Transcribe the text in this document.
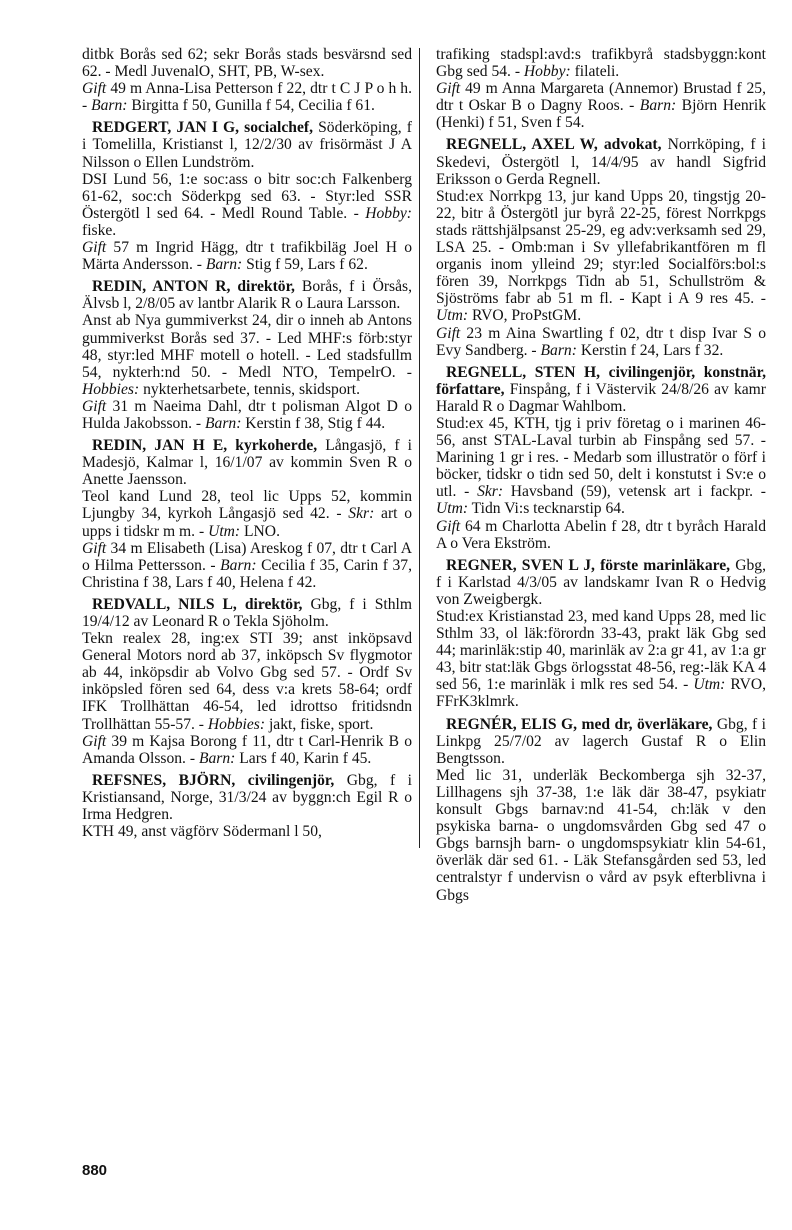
ditbk Borås sed 62; sekr Borås stads besvärsnd sed 62. - Medl JuvenalO, SHT, PB, W-sex.

Gift 49 m Anna-Lisa Petterson f 22, dtr t C J P o h h. - Barn: Birgitta f 50, Gunilla f 54, Cecilia f 61.

REDGERT, JAN I G, socialchef, Söderköping, f i Tomelilla, Kristianst l, 12/2/30 av frisörmäst J A Nilsson o Ellen Lundström.

DSI Lund 56, 1:e soc:ass o bitr soc:ch Falkenberg 61-62, soc:ch Söderkpg sed 63. - Styr:led SSR Östergötl l sed 64. - Medl Round Table. - Hobby: fiske.

Gift 57 m Ingrid Hägg, dtr t trafikbiläg Joel H o Märta Andersson. - Barn: Stig f 59, Lars f 62.

REDIN, ANTON R, direktör, Borås, f i Örsås, Älvsb l, 2/8/05 av lantbr Alarik R o Laura Larsson.

Anst ab Nya gummiverkst 24, dir o inneh ab Antons gummiverkst Borås sed 37. - Led MHF:s förb:styr 48, styr:led MHF motell o hotell. - Led stadsfullm 54, nykterh:nd 50. - Medl NTO, TempelrO. - Hobbies: nykterhetsarbete, tennis, skidsport.

Gift 31 m Naeima Dahl, dtr t polisman Algot D o Hulda Jakobsson. - Barn: Kerstin f 38, Stig f 44.

REDIN, JAN H E, kyrkoherde, Långasjö, f i Madesjö, Kalmar l, 16/1/07 av kommin Sven R o Anette Jaensson.

Teol kand Lund 28, teol lic Upps 52, kommin Ljungby 34, kyrkoh Långasjö sed 42. - Skr: art o upps i tidskr m m. - Utm: LNO.

Gift 34 m Elisabeth (Lisa) Areskog f 07, dtr t Carl A o Hilma Pettersson. - Barn: Cecilia f 35, Carin f 37, Christina f 38, Lars f 40, Helena f 42.

REDVALL, NILS L, direktör, Gbg, f i Sthlm 19/4/12 av Leonard R o Tekla Sjöholm.

Tekn realex 28, ing:ex STI 39; anst inköpsavd General Motors nord ab 37, inköpsch Sv flygmotor ab 44, inköpsdir ab Volvo Gbg sed 57. - Ordf Sv inköpsled fören sed 64, dess v:a krets 58-64; ordf IFK Trollhättan 46-54, led idrottso fritidsndn Trollhättan 55-57. - Hobbies: jakt, fiske, sport.

Gift 39 m Kajsa Borong f 11, dtr t Carl-Henrik B o Amanda Olsson. - Barn: Lars f 40, Karin f 45.

REFSNES, BJÖRN, civilingenjör, Gbg, f i Kristiansand, Norge, 31/3/24 av byggn:ch Egil R o Irma Hedgren.

KTH 49, anst vägförv Södermanl l 50,

trafiking stadspl:avd:s trafikbyrå stadsbyggn:kont Gbg sed 54. - Hobby: filateli.

Gift 49 m Anna Margareta (Annemor) Brustad f 25, dtr t Oskar B o Dagny Roos. - Barn: Björn Henrik (Henki) f 51, Sven f 54.

REGNELL, AXEL W, advokat, Norrköping, f i Skedevi, Östergötl l, 14/4/95 av handl Sigfrid Eriksson o Gerda Regnell.

Stud:ex Norrkpg 13, jur kand Upps 20, tingstjg 20-22, bitr å Östergötl jur byrå 22-25, förest Norrkpgs stads rättshjälpsanst 25-29, eg adv:verksamh sed 29, LSA 25. - Omb:man i Sv yllefabrikantfören m fl organis inom ylleind 29; styr:led Socialförs:bol:s fören 39, Norrkpgs Tidn ab 51, Schullström & Sjöströms fabr ab 51 m fl. - Kapt i A 9 res 45. - Utm: RVO, ProPstGM.

Gift 23 m Aina Swartling f 02, dtr t disp Ivar S o Evy Sandberg. - Barn: Kerstin f 24, Lars f 32.

REGNELL, STEN H, civilingenjör, konstnär, författare, Finspång, f i Västervik 24/8/26 av kamr Harald R o Dagmar Wahlbom.

Stud:ex 45, KTH, tjg i priv företag o i marinen 46-56, anst STAL-Laval turbin ab Finspång sed 57. - Marining 1 gr i res. - Medarb som illustratör o förf i böcker, tidskr o tidn sed 50, delt i konstutst i Sv:e o utl. - Skr: Havsband (59), vetensk art i fackpr. - Utm: Tidn Vi:s tecknarstip 64.

Gift 64 m Charlotta Abelin f 28, dtr t byråch Harald A o Vera Ekström.

REGNER, SVEN L J, förste marinläkare, Gbg, f i Karlstad 4/3/05 av landskamr Ivan R o Hedvig von Zweigbergk.

Stud:ex Kristianstad 23, med kand Upps 28, med lic Sthlm 33, ol läk:förordn 33-43, prakt läk Gbg sed 44; marinläk:stip 40, marinläk av 2:a gr 41, av 1:a gr 43, bitr stat:läk Gbgs örlogsstat 48-56, reg:-läk KA 4 sed 56, 1:e marinläk i mlk res sed 54. - Utm: RVO, FFrK3klmrk.

REGNÉR, ELIS G, med dr, överläkare, Gbg, f i Linkpg 25/7/02 av lagerch Gustaf R o Elin Bengtsson.

Med lic 31, underläk Beckomberga sjh 32-37, Lillhagens sjh 37-38, 1:e läk där 38-47, psykiatr konsult Gbgs barnav:nd 41-54, ch:läk v den psykiska barna- o ungdomsvården Gbg sed 47 o Gbgs barnsjh barn- o ungdomspsykiatr klin 54-61, överläk där sed 61. - Läk Stefansgården sed 53, led centralstyr f undervisn o vård av psyk efterblivna i Gbgs

880
